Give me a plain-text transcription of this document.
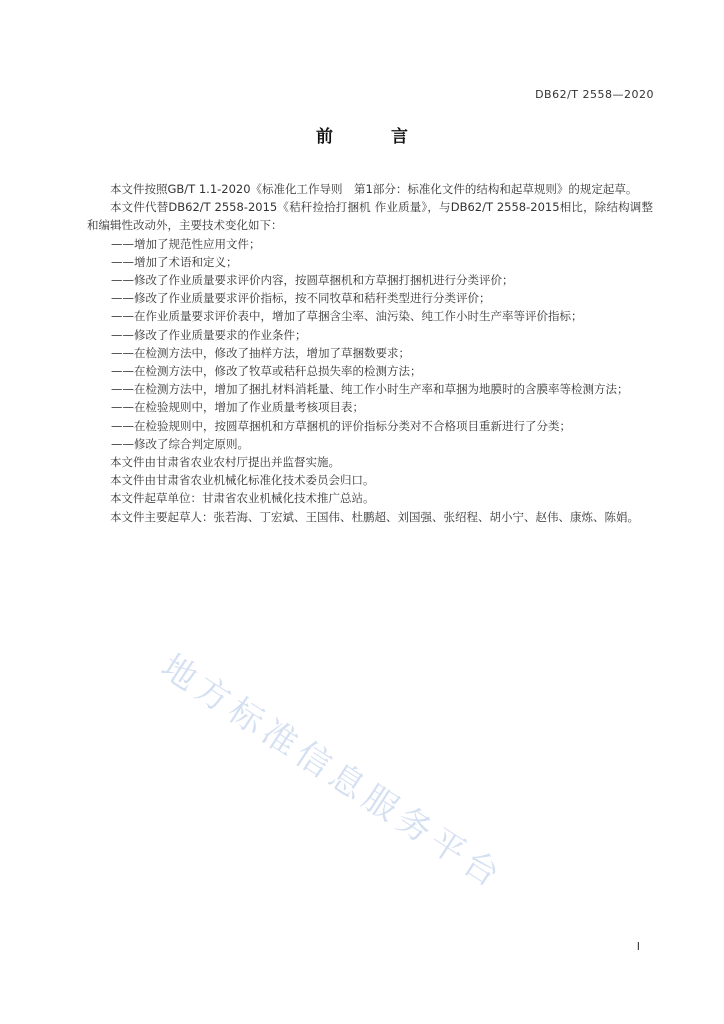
DB62/T 2558—2020
前 言

本文件按照GB/T 1.1-2020《标准化工作导则　第1部分：标准化文件的结构和起草规则》的规定起草。

本文件代替DB62/T 2558-2015《秸秆捡拾打捆机 作业质量》，与DB62/T 2558-2015相比，除结构调整和编辑性改动外，主要技术变化如下：

——增加了规范性应用文件；

——增加了术语和定义；

——修改了作业质量要求评价内容，按圆草捆机和方草捆打捆机进行分类评价；

——修改了作业质量要求评价指标，按不同牧草和秸秆类型进行分类评价；

——在作业质量要求评价表中，增加了草捆含尘率、油污染、纯工作小时生产率等评价指标；

——修改了作业质量要求的作业条件；

——在检测方法中，修改了抽样方法，增加了草捆数要求；

——在检测方法中，修改了牧草或秸秆总损失率的检测方法；

——在检测方法中，增加了捆扎材料消耗量、纯工作小时生产率和草捆为地膜时的含膜率等检测方法；

——在检验规则中，增加了作业质量考核项目表；

——在检验规则中，按圆草捆机和方草捆机的评价指标分类对不合格项目重新进行了分类；

——修改了综合判定原则。

本文件由甘肃省农业农村厅提出并监督实施。

本文件由甘肃省农业机械化标准化技术委员会归口。

本文件起草单位：甘肃省农业机械化技术推广总站。

本文件主要起草人：张若海、丁宏斌、王国伟、杜鹏超、刘国强、张绍程、胡小宁、赵伟、康炼、陈娟。

地方标准信息服务平台
I
